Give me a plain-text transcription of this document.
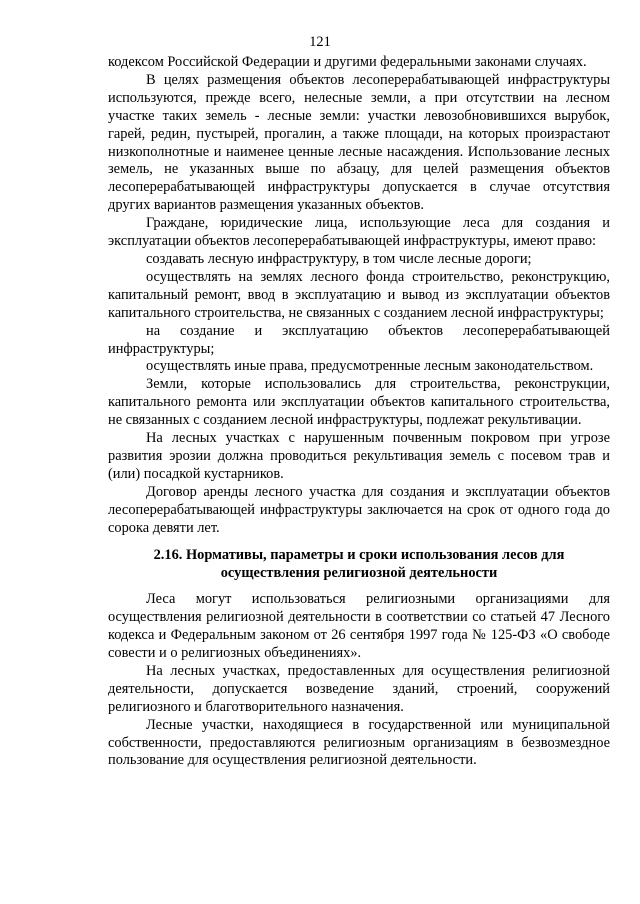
121

кодексом Российской Федерации и другими федеральными законами случаях.

В целях размещения объектов лесоперерабатывающей инфраструктуры используются, прежде всего, нелесные земли, а при отсутствии на лесном участке таких земель - лесные земли: участки левозобновившихся вырубок, гарей, редин, пустырей, прогалин, а также площади, на которых произрастают низкополнотные и наименее ценные лесные насаждения. Использование лесных земель, не указанных выше по абзацу, для целей размещения объектов лесоперерабатывающей инфраструктуры допускается в случае отсутствия других вариантов размещения указанных объектов.

Граждане, юридические лица, использующие леса для создания и эксплуатации объектов лесоперерабатывающей инфраструктуры, имеют право:

создавать лесную инфраструктуру, в том числе лесные дороги;

осуществлять на землях лесного фонда строительство, реконструкцию, капитальный ремонт, ввод в эксплуатацию и вывод из эксплуатации объектов капитального строительства, не связанных с созданием лесной инфраструктуры;

на создание и эксплуатацию объектов лесоперерабатывающей инфраструктуры;

осуществлять иные права, предусмотренные лесным законодательством.

Земли, которые использовались для строительства, реконструкции, капитального ремонта или эксплуатации объектов капитального строительства, не связанных с созданием лесной инфраструктуры, подлежат рекультивации.

На лесных участках с нарушенным почвенным покровом при угрозе развития эрозии должна проводиться рекультивация земель с посевом трав и (или) посадкой кустарников.

Договор аренды лесного участка для создания и эксплуатации объектов лесоперерабатывающей инфраструктуры заключается на срок от одного года до сорока девяти лет.

2.16. Нормативы, параметры и сроки использования лесов для осуществления религиозной деятельности

Леса могут использоваться религиозными организациями для осуществления религиозной деятельности в соответствии со статьей 47 Лесного кодекса и Федеральным законом от 26 сентября 1997 года № 125-ФЗ «О свободе совести и о религиозных объединениях».

На лесных участках, предоставленных для осуществления религиозной деятельности, допускается возведение зданий, строений, сооружений религиозного и благотворительного назначения.

Лесные участки, находящиеся в государственной или муниципальной собственности, предоставляются религиозным организациям в безвозмездное пользование для осуществления религиозной деятельности.
